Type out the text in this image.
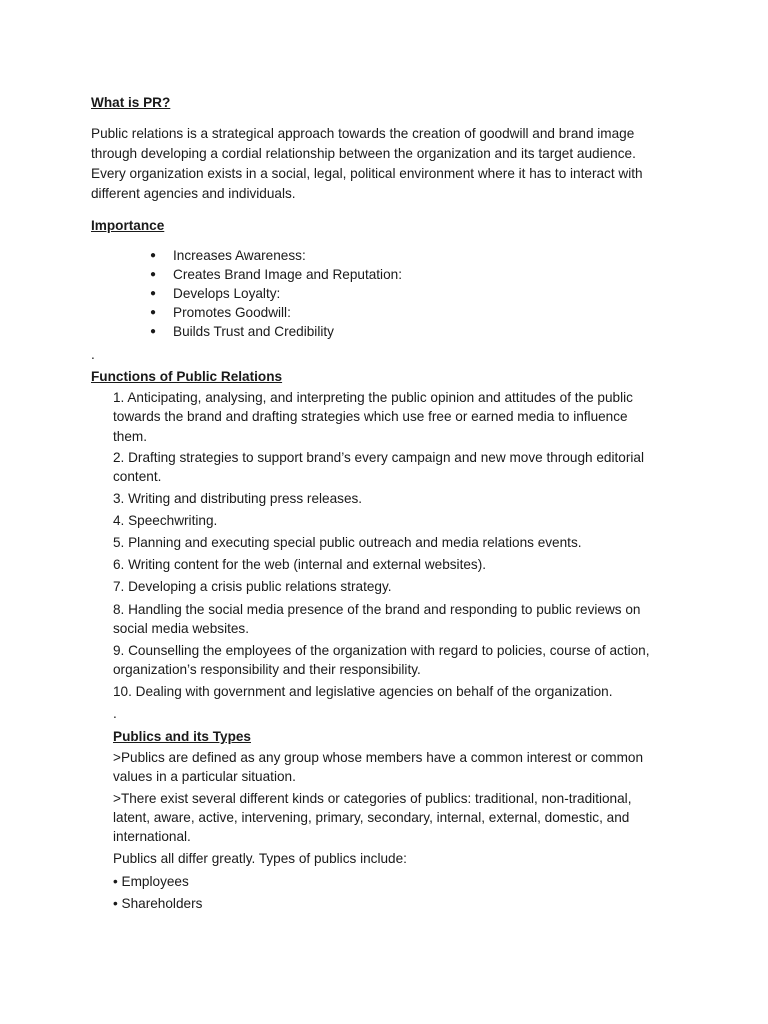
What is PR?
Public relations is a strategical approach towards the creation of goodwill and brand image
through developing a cordial relationship between the organization and its target audience.
Every organization exists in a social, legal, political environment where it has to interact with
different agencies and individuals.
Importance
● Increases Awareness:
● Creates Brand Image and Reputation:
● Develops Loyalty:
● Promotes Goodwill:
● Builds Trust and Credibility
.
Functions of Public Relations
1. Anticipating, analysing, and interpreting the public opinion and attitudes of the public
towards the brand and drafting strategies which use free or earned media to influence
them.
2. Drafting strategies to support brand’s every campaign and new move through editorial
content.
3. Writing and distributing press releases.
4. Speechwriting.
5. Planning and executing special public outreach and media relations events.
6. Writing content for the web (internal and external websites).
7. Developing a crisis public relations strategy.
8. Handling the social media presence of the brand and responding to public reviews on
social media websites.
9. Counselling the employees of the organization with regard to policies, course of action,
organization’s responsibility and their responsibility.
10. Dealing with government and legislative agencies on behalf of the organization.
.
Publics and its Types
>Publics are defined as any group whose members have a common interest or common
values in a particular situation.
>There exist several different kinds or categories of publics: traditional, non-traditional,
latent, aware, active, intervening, primary, secondary, internal, external, domestic, and
international.
Publics all differ greatly. Types of publics include:
• Employees
• Shareholders
